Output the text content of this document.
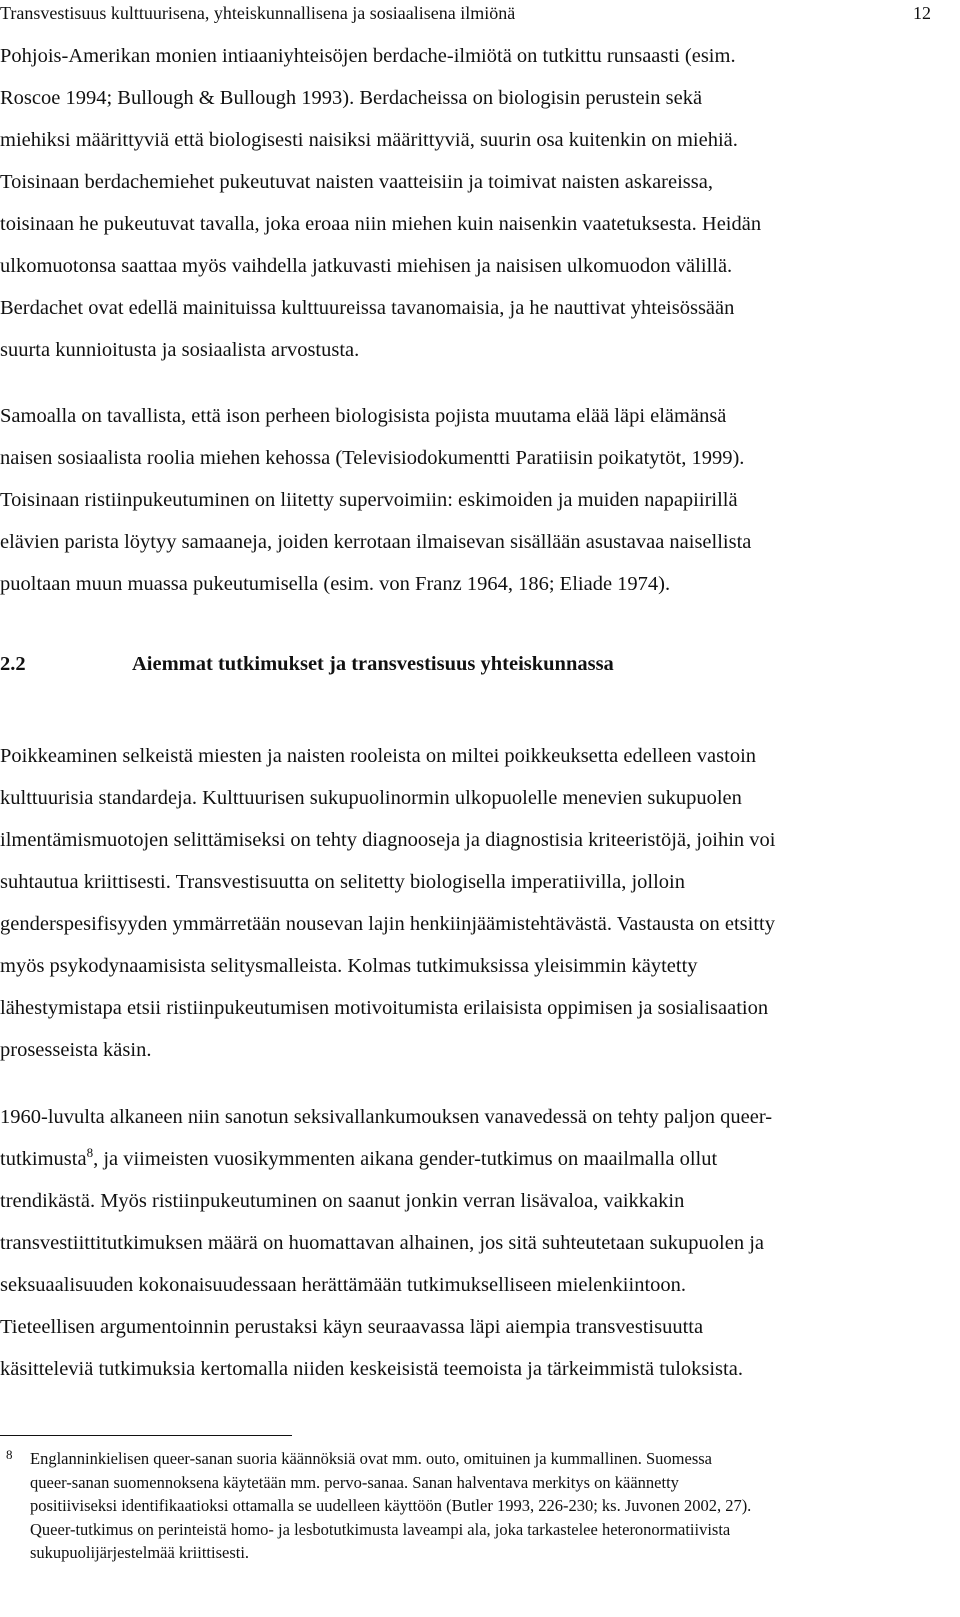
Transvestisuus kulttuurisena, yhteiskunnallisena ja sosiaalisena ilmiönä	12
Pohjois-Amerikan monien intiaaniyhteisöjen berdache-ilmiötä on tutkittu runsaasti (esim.
Roscoe 1994; Bullough & Bullough 1993). Berdacheissa on biologisin perustein sekä
miehiksi määrittyviä että biologisesti naisiksi määrittyviä, suurin osa kuitenkin on miehiä.
Toisinaan berdachemiehet pukeutuvat naisten vaatteisiin ja toimivat naisten askareissa,
toisinaan he pukeutuvat tavalla, joka eroaa niin miehen kuin naisenkin vaatetuksesta. Heidän
ulkomuotonsa saattaa myös vaihdella jatkuvasti miehisen ja naisisen ulkomuodon välillä.
Berdachet ovat edellä mainituissa kulttuureissa tavanomaisia, ja he nauttivat yhteisössään
suurta kunnioitusta ja sosiaalista arvostusta.
Samoalla on tavallista, että ison perheen biologisista pojista muutama elää läpi elämänsä
naisen sosiaalista roolia miehen kehossa (Televisiodokumentti Paratiisin poikatytöt, 1999).
Toisinaan ristiinpukeutuminen on liitetty supervoimiin: eskimoiden ja muiden napapiirillä
elävien parista löytyy samaaneja, joiden kerrotaan ilmaisevan sisällään asustavaa naisellista
puoltaan muun muassa pukeutumisella (esim. von Franz 1964, 186; Eliade 1974).
2.2	Aiemmat tutkimukset ja transvestisuus yhteiskunnassa
Poikkeaminen selkeistä miesten ja naisten rooleista on miltei poikkeuksetta edelleen vastoin
kulttuurisia standardeja. Kulttuurisen sukupuolinormin ulkopuolelle menevien sukupuolen
ilmentämismuotojen selittämiseksi on tehty diagnooseja ja diagnostisia kriteeristöjä, joihin voi
suhtautua kriittisesti. Transvestisuutta on selitetty biologisella imperatiivilla, jolloin
genderspesifisyyden ymmärretään nousevan lajin henkiinjäämistehtävästä. Vastausta on etsitty
myös psykodynaamisista selitysmalleista. Kolmas tutkimuksissa yleisimmin käytetty
lähestymistapa etsii ristiinpukeutumisen motivoitumista erilaisista oppimisen ja sosialisaation
prosesseista käsin.
1960-luvulta alkaneen niin sanotun seksivallankumouksen vanavedessä on tehty paljon queer-
tutkimusta$^8$, ja viimeisten vuosikymmenten aikana gender-tutkimus on maailmalla ollut
trendikästä. Myös ristiinpukeutuminen on saanut jonkin verran lisävaloa, vaikkakin
transvestiittitutkimuksen määrä on huomattavan alhainen, jos sitä suhteutetaan sukupuolen ja
seksuaalisuuden kokonaisuudessaan herättämään tutkimukselliseen mielenkiintoon.
Tieteellisen argumentoinnin perustaksi käyn seuraavassa läpi aiempia transvestisuutta
käsitteleviä tutkimuksia kertomalla niiden keskeisistä teemoista ja tärkeimmistä tuloksista.
8 Englanninkielisen queer-sanan suoria käännöksiä ovat mm. outo, omituinen ja kummallinen. Suomessa
queer-sanan suomennoksena käytetään mm. pervo-sanaa. Sanan halventava merkitys on käännetty
positiiviseksi identifikaatioksi ottamalla se uudelleen käyttöön (Butler 1993, 226-230; ks. Juvonen 2002, 27).
Queer-tutkimus on perinteistä homo- ja lesbotutkimusta laveampi ala, joka tarkastelee heteronormatiivista
sukupuolijärjestelmää kriittisesti.
